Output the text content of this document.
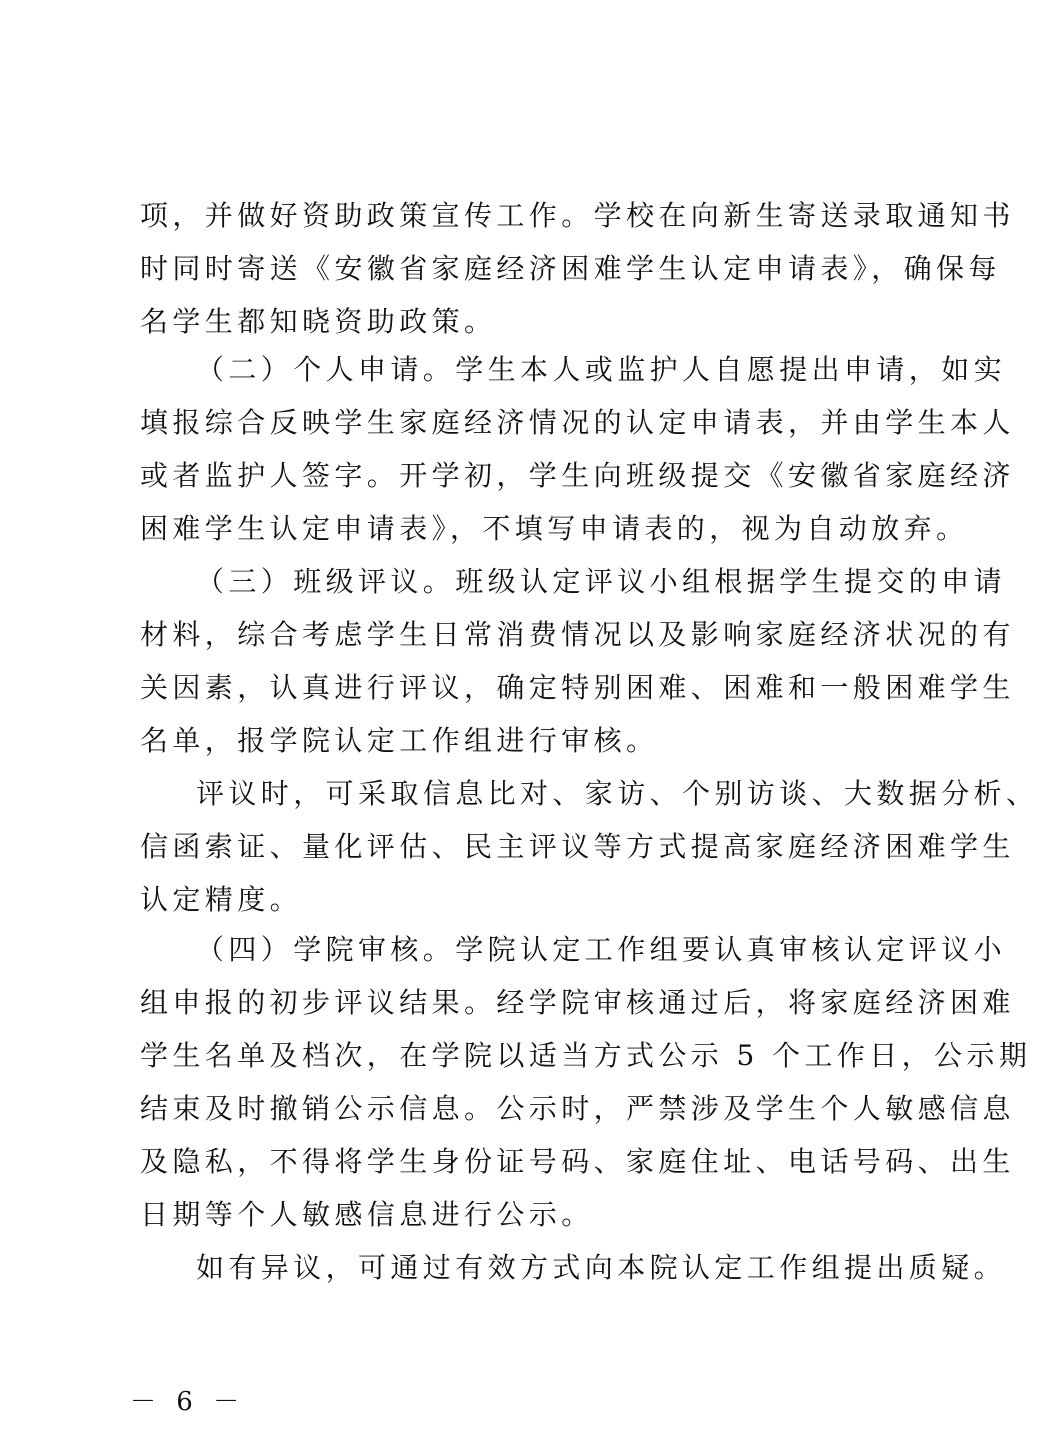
项，并做好资助政策宣传工作。学校在向新生寄送录取通知书
时同时寄送《安徽省家庭经济困难学生认定申请表》，确保每
名学生都知晓资助政策。
（二）个人申请。学生本人或监护人自愿提出申请，如实
填报综合反映学生家庭经济情况的认定申请表，并由学生本人
或者监护人签字。开学初，学生向班级提交《安徽省家庭经济
困难学生认定申请表》，不填写申请表的，视为自动放弃。
（三）班级评议。班级认定评议小组根据学生提交的申请
材料，综合考虑学生日常消费情况以及影响家庭经济状况的有
关因素，认真进行评议，确定特别困难、困难和一般困难学生
名单，报学院认定工作组进行审核。
评议时，可采取信息比对、家访、个别访谈、大数据分析、
信函索证、量化评估、民主评议等方式提高家庭经济困难学生
认定精度。
（四）学院审核。学院认定工作组要认真审核认定评议小
组申报的初步评议结果。经学院审核通过后，将家庭经济困难
学生名单及档次，在学院以适当方式公示 5 个工作日，公示期
结束及时撤销公示信息。公示时，严禁涉及学生个人敏感信息
及隐私，不得将学生身份证号码、家庭住址、电话号码、出生
日期等个人敏感信息进行公示。
如有异议，可通过有效方式向本院认定工作组提出质疑。
－ 6 －
